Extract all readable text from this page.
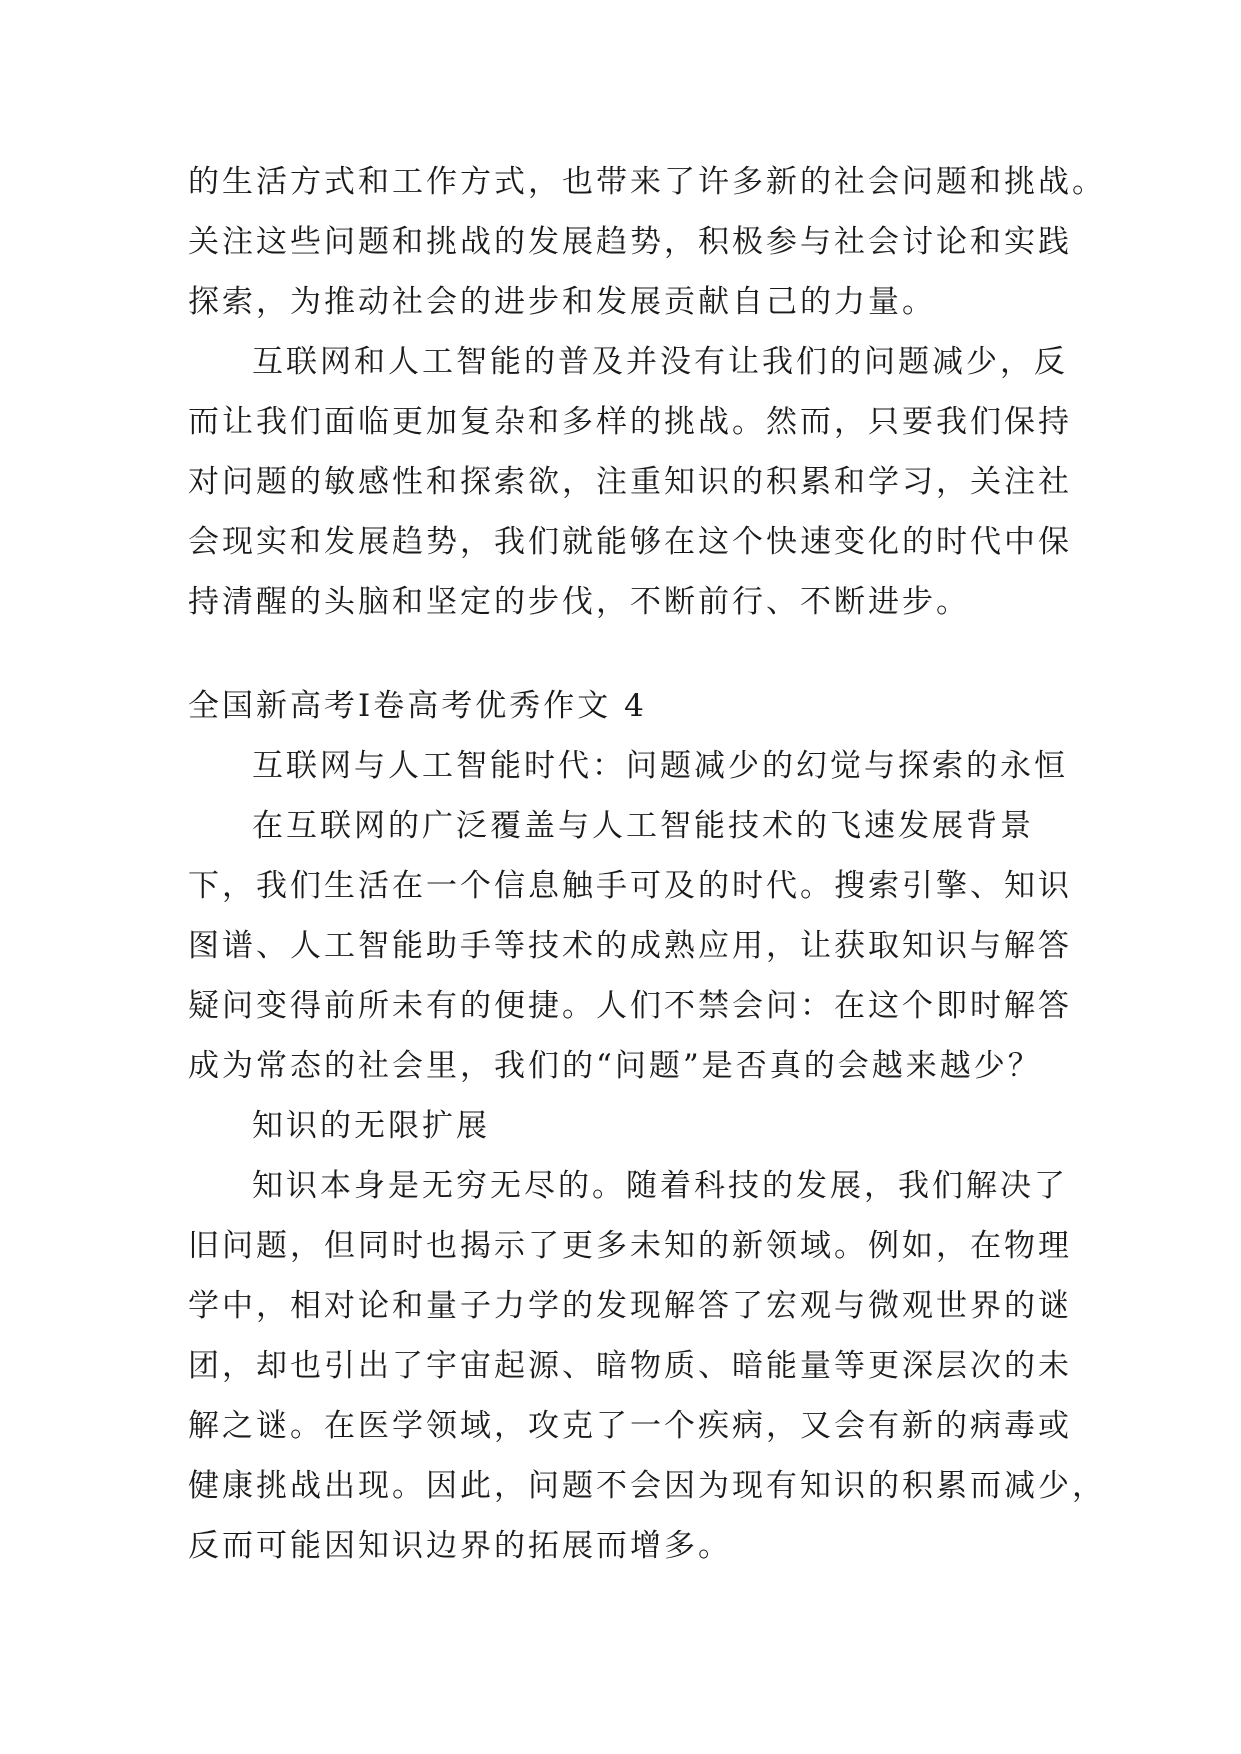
的生活方式和工作方式，也带来了许多新的社会问题和挑战。
关注这些问题和挑战的发展趋势，积极参与社会讨论和实践
探索，为推动社会的进步和发展贡献自己的力量。
互联网和人工智能的普及并没有让我们的问题减少，反
而让我们面临更加复杂和多样的挑战。然而，只要我们保持
对问题的敏感性和探索欲，注重知识的积累和学习，关注社
会现实和发展趋势，我们就能够在这个快速变化的时代中保
持清醒的头脑和坚定的步伐，不断前行、不断进步。
全国新高考Ⅰ卷高考优秀作文 4
互联网与人工智能时代：问题减少的幻觉与探索的永恒
在互联网的广泛覆盖与人工智能技术的飞速发展背景
下，我们生活在一个信息触手可及的时代。搜索引擎、知识
图谱、人工智能助手等技术的成熟应用，让获取知识与解答
疑问变得前所未有的便捷。人们不禁会问：在这个即时解答
成为常态的社会里，我们的“问题”是否真的会越来越少？
知识的无限扩展
知识本身是无穷无尽的。随着科技的发展，我们解决了
旧问题，但同时也揭示了更多未知的新领域。例如，在物理
学中，相对论和量子力学的发现解答了宏观与微观世界的谜
团，却也引出了宇宙起源、暗物质、暗能量等更深层次的未
解之谜。在医学领域，攻克了一个疾病，又会有新的病毒或
健康挑战出现。因此，问题不会因为现有知识的积累而减少，
反而可能因知识边界的拓展而增多。
